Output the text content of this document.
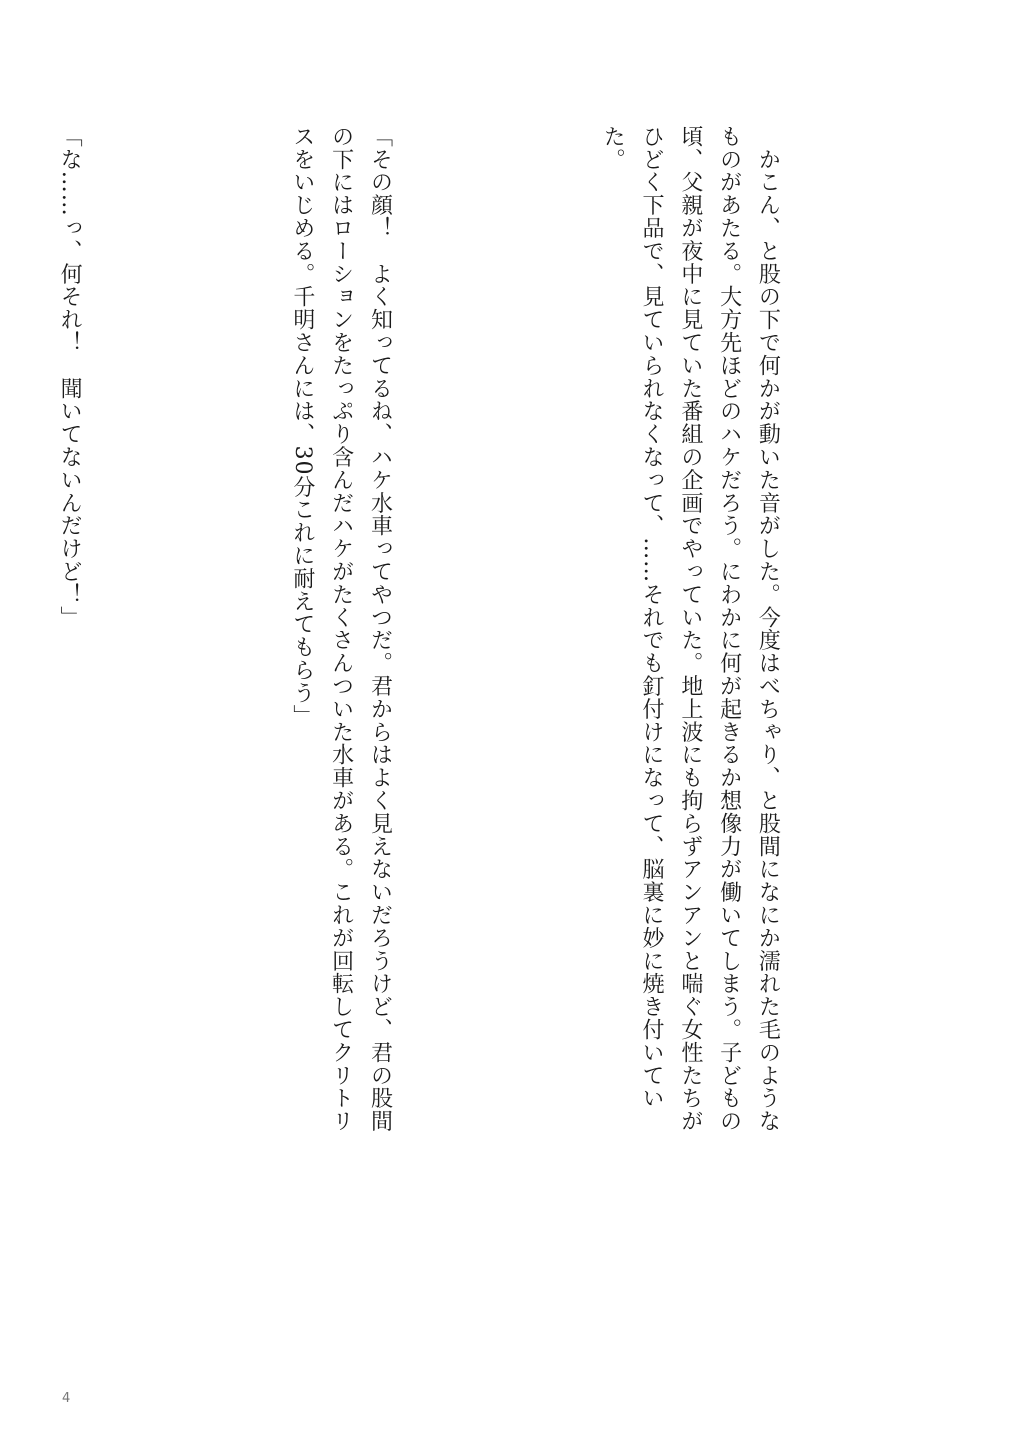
　かこん、と股の下で何かが動いた音がした。今度はべちゃり、と股間になにか濡れた毛のようなものがあたる。大方先ほどのハケだろう。にわかに何が起きるか想像力が働いてしまう。子どもの頃、父親が夜中に見ていた番組の企画でやっていた。地上波にも拘らずアンアンと喘ぐ女性たちがひどく下品で、見ていられなくなって、……それでも釘付けになって、脳裏に妙に焼き付いていた。

「その顔！　よく知ってるね、ハケ水車ってやつだ。君からはよく見えないだろうけど、君の股間の下にはローションをたっぷり含んだハケがたくさんついた水車がある。これが回転してクリトリスをいじめる。千明さんには、30分これに耐えてもらう」

「な……っ、何それ！　聞いてないんだけど！」

4
